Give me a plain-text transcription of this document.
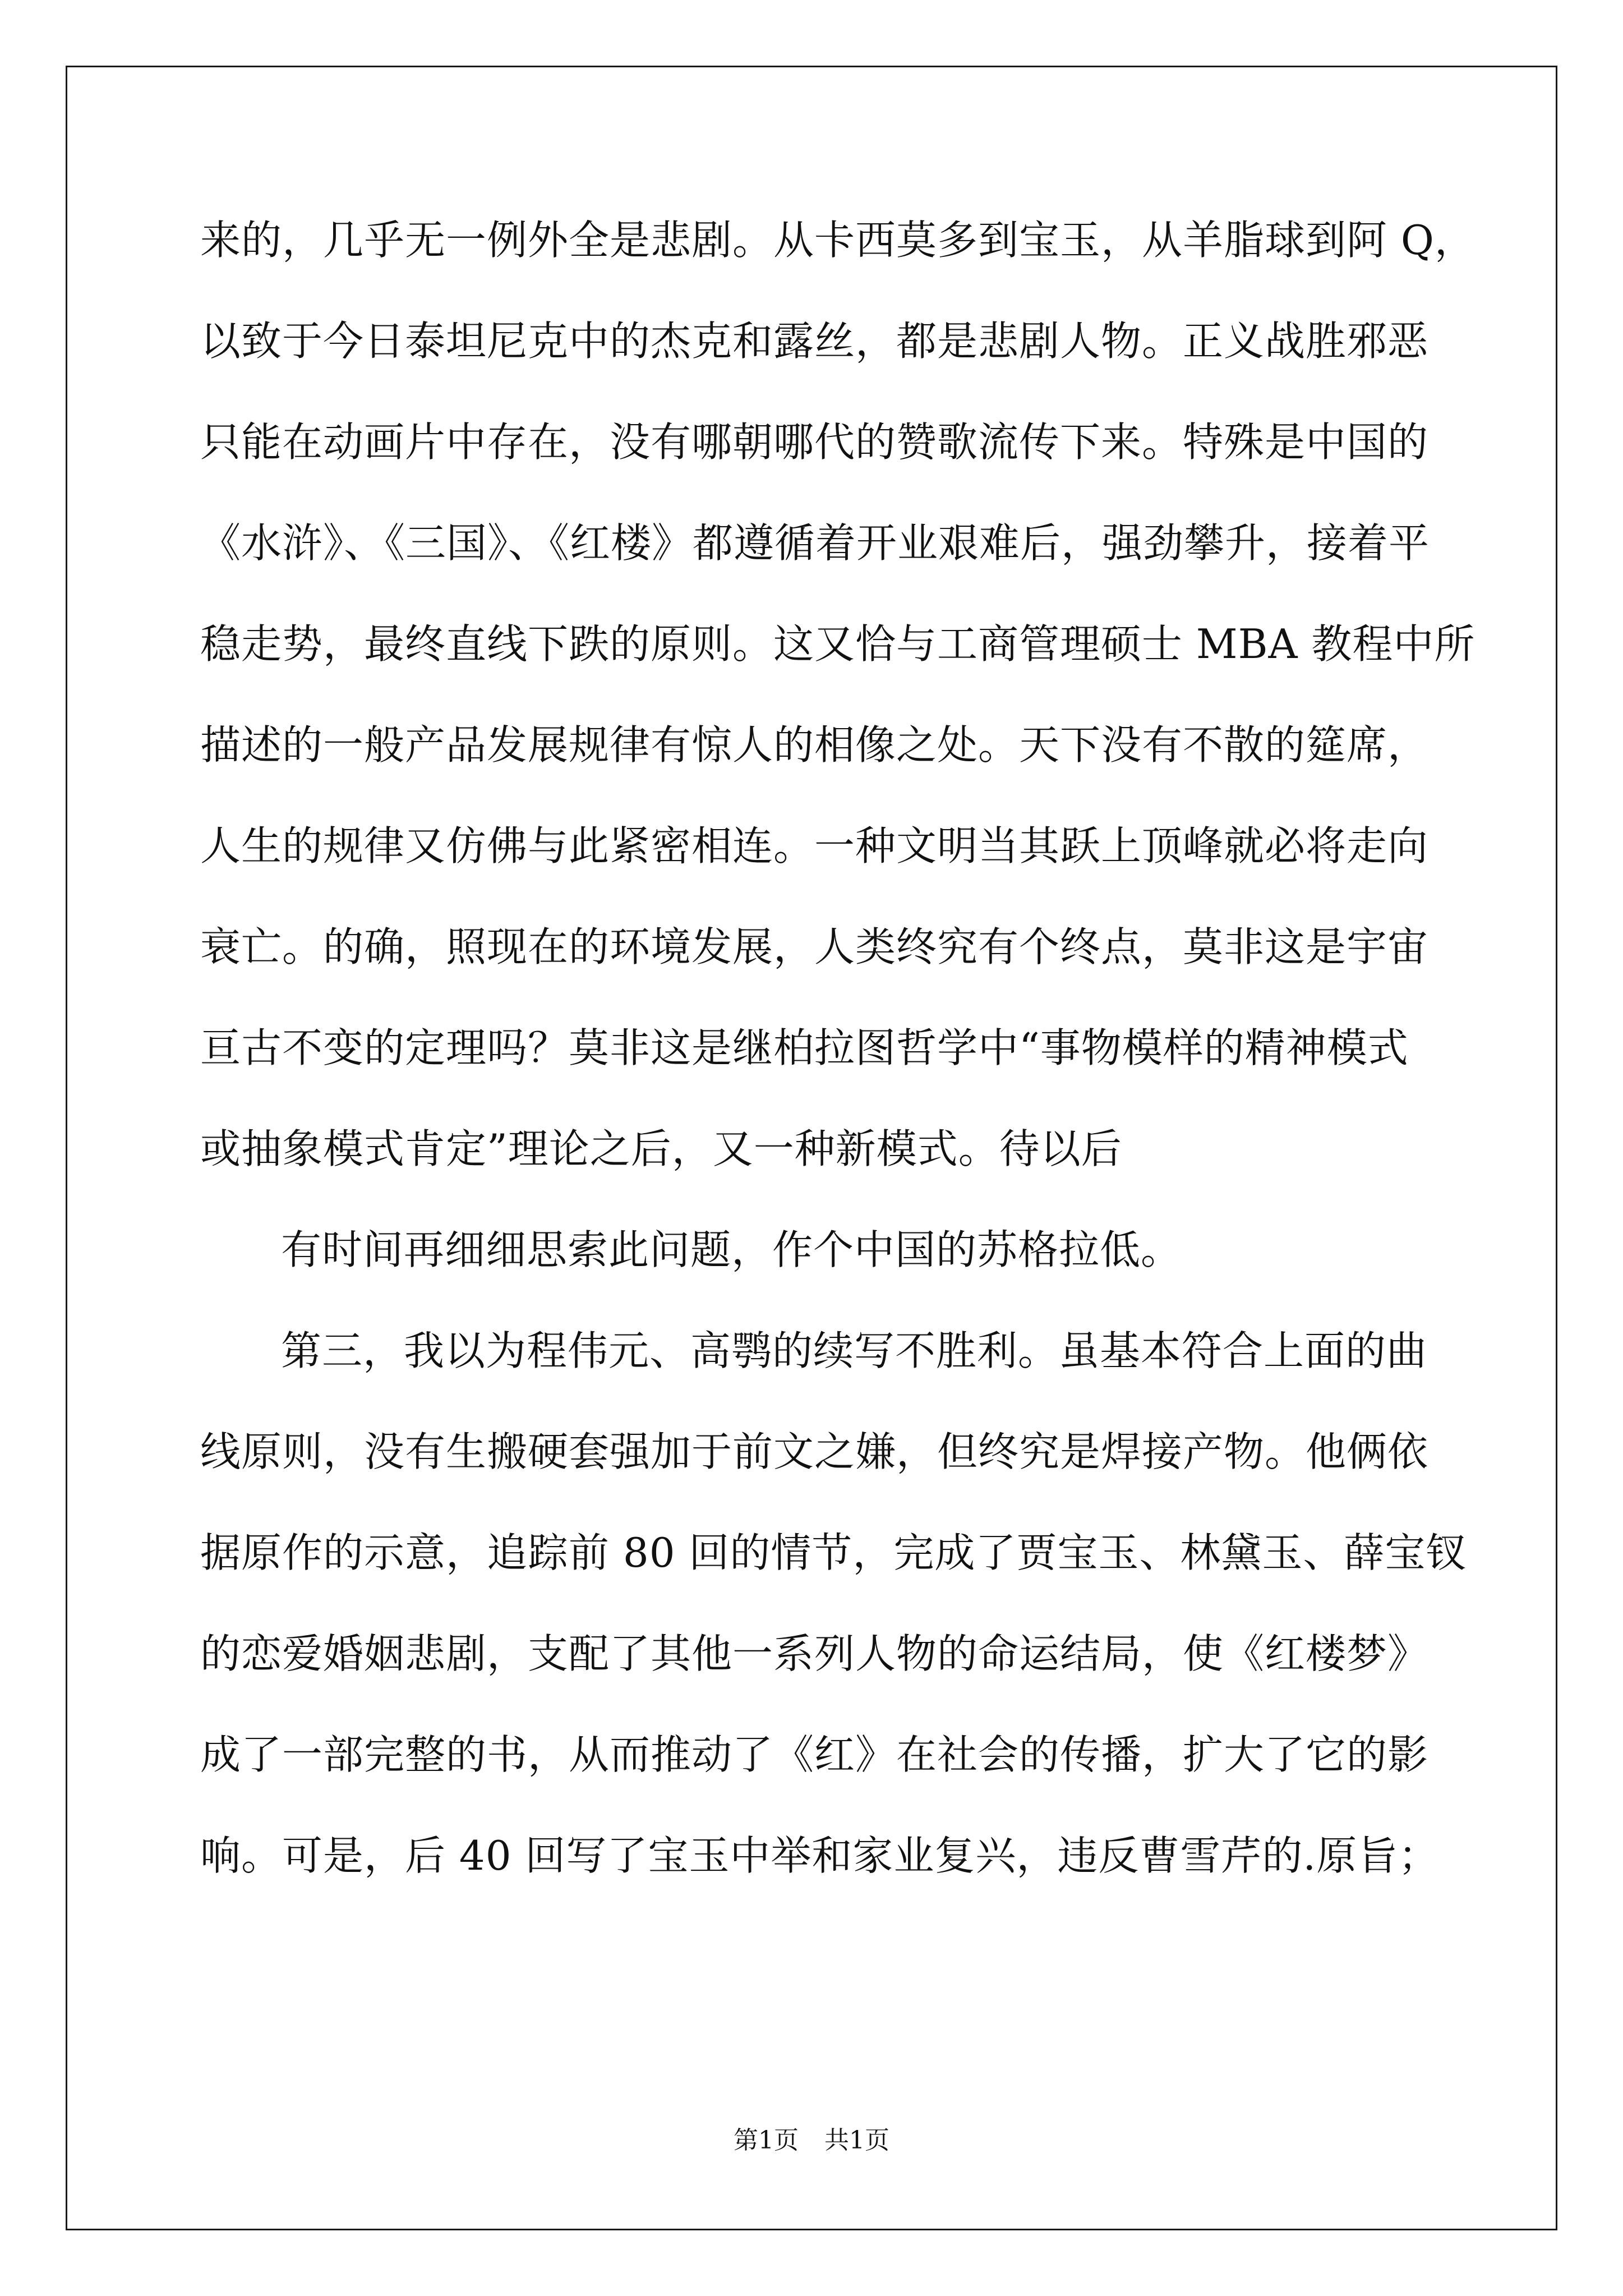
来的，几乎无一例外全是悲剧。从卡西莫多到宝玉，从羊脂球到阿 Q，
以致于今日泰坦尼克中的杰克和露丝，都是悲剧人物。正义战胜邪恶
只能在动画片中存在，没有哪朝哪代的赞歌流传下来。特殊是中国的
《水浒》、《三国》、《红楼》都遵循着开业艰难后，强劲攀升，接着平
稳走势，最终直线下跌的原则。这又恰与工商管理硕士 MBA 教程中所
描述的一般产品发展规律有惊人的相像之处。天下没有不散的筵席，
人生的规律又仿佛与此紧密相连。一种文明当其跃上顶峰就必将走向
衰亡。的确，照现在的环境发展，人类终究有个终点，莫非这是宇宙
亘古不变的定理吗？莫非这是继柏拉图哲学中“事物模样的精神模式
或抽象模式肯定”理论之后，又一种新模式。待以后
有时间再细细思索此问题，作个中国的苏格拉低。
第三，我以为程伟元、高鹗的续写不胜利。虽基本符合上面的曲
线原则，没有生搬硬套强加于前文之嫌，但终究是焊接产物。他俩依
据原作的示意，追踪前 80 回的情节，完成了贾宝玉、林黛玉、薛宝钗
的恋爱婚姻悲剧，支配了其他一系列人物的命运结局，使《红楼梦》
成了一部完整的书，从而推动了《红》在社会的传播，扩大了它的影
响。可是，后 40 回写了宝玉中举和家业复兴，违反曹雪芹的.原旨；
第1页 共1页
